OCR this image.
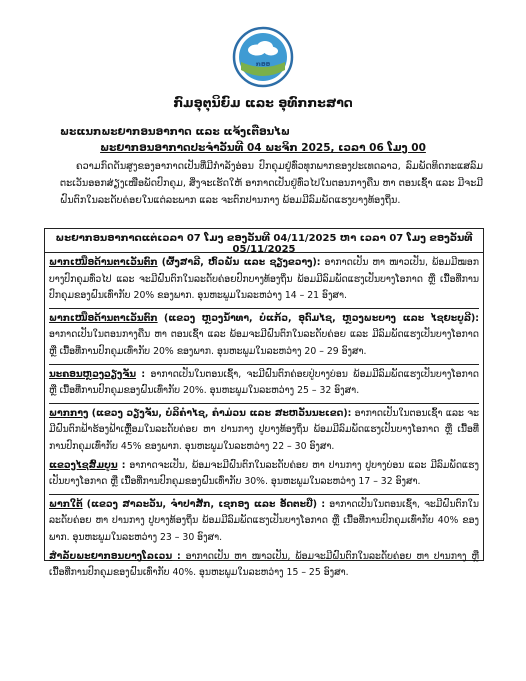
ກອອ
ກົມອຸຕຸນິຍົມ ແລະ ອຸທົກກະສາດ
ພະແນກພະຍາກອນອາກາດ ແລະ ແຈ້ງເຕືອນໄພ
ພະຍາກອນອາກາດປະຈຳວັນທີ 04 ພະຈິກ 2025, ເວລາ 06 ໂມງ 00
ຄວາມກົດດັນສູງຂອງອາກາດເປັນທີ່ມີກຳລັງອ່ອນ ປົກຄຸມຢູ່ທົ່ວທຸກພາກຂອງປະເທດລາວ, ລົມພັດທິດກະແສລົມຕະເວັນອອກສ່ຽງເໜືອພັດປົກຄຸມ, ສິ່ງຈະເຮັດໃຫ້ ອາກາດເປັນຢູ່ທົ່ວໄປໃນຕອນກາງຄືນ ຫາ ຕອນເຊົ້າ ແລະ ມີຈະມີຝົນຕົກໃນລະດັບຄ່ອຍໃນແຕ່ລະພາກ ແລະ ຈະຕົກປານກາງ ພ້ອມມີລົມພັດແຮງບາງທ້ອງຖິ່ນ.
ພະຍາກອນອາກາດແຕ່ເວລາ 07 ໂມງ ຂອງວັນທີ 04/11/2025 ຫາ ເວລາ 07 ໂມງ ຂອງວັນທີ 05/11/2025
ພາກເໜືອດ້ານຕາເວັນຕົກ (ຜົ້ງສາລີ, ຫົວພັນ ແລະ ຊຽງຂວາງ): ອາກາດເປັນ ຫາ ໜາວເປັນ, ພ້ອມມີໝອກບາງປົກຄຸມທົ່ວໄປ ແລະ ຈະມີຝົນຕົກໃນລະດັບຄ່ອຍປົກບາງທ້ອງຖິ່ນ ພ້ອມມີລົມພັດແຮງເປັນບາງໂອກາດ ຫຼື ເນື້ອທີ່ການປົກຄຸມຂອງຝົນເທົ່າກັບ 20% ຂອງພາກ. ອຸນຫະພູມໃນລະຫວ່າງ 14 – 21 ອົງສາ.
ພາກເໜືອດ້ານຕາເວັນຕົກ (ແຂວງ ຫຼວງນ້ຳທາ, ບໍ່ແກ້ວ, ອຸດົມໄຊ, ຫຼວງພະບາງ ແລະ ໄຊຍະບູລີ): ອາກາດເປັນໃນຕອນກາງຄືນ ຫາ ຕອນເຊົ້າ ແລະ ພ້ອມຈະມີຝົນຕົກໃນລະດັບຄ່ອຍ ແລະ ມີລົມພັດແຮງເປັນບາງໂອກາດ ຫຼື ເນື້ອທີ່ການປົກຄຸມເທົ່າກັບ 20% ຂອງພາກ. ອຸນຫະພູມໃນລະຫວ່າງ 20 – 29 ອົງສາ.
ນະຄອນຫຼວງວຽງຈັນ : ອາກາດເປັນໃນຕອນເຊົ້າ, ຈະມີຝົນຕົກຄ່ອຍປູ່ບາງບ່ອນ ພ້ອມມີລົມພັດແຮງເປັນບາງໂອກາດ ຫຼື ເນື້ອທີ່ການປົກຄຸມຂອງຝົນເທົ່າກັບ 20%. ອຸນຫະພູມໃນລະຫວ່າງ 25 – 32 ອົງສາ.
ພາກກາງ (ແຂວງ ວຽງຈັນ, ບໍລິຄຳໄຊ, ຄຳມ່ວນ ແລະ ສະຫວັນນະເຂດ): ອາກາດເປັນໃນຕອນເຊົ້າ ແລະ ຈະມີຝົນຕົກຟ້າຮ້ອງຟ້າເຫຼື້ອມໃນລະດັບຄ່ອຍ ຫາ ປານກາງ ປູບາງທ້ອງຖິ່ນ ພ້ອມມີລົມພັດແຮງເປັນບາງໂອກາດ ຫຼື ເນື້ອທີ່ການປົກຄຸມເທົ່າກັບ 45% ຂອງພາກ. ອຸນຫະພູມໃນລະຫວ່າງ 22 – 30 ອົງສາ.
ແຂວງໄຊສົມບູນ : ອາກາດຈະເປັນ, ພ້ອມຈະມີຝົນຕົກໃນລະດັບຄ່ອຍ ຫາ ປານກາງ ປູບາງບ່ອນ ແລະ ມີລົມພັດແຮງເປັນບາງໂອກາດ ຫຼື ເນື້ອທີ່ການປົກຄຸມຂອງຝົນເທົ່າກັບ 30%. ອຸນຫະພູມໃນລະຫວ່າງ 17 – 32 ອົງສາ.
ພາກໃຕ້ (ແຂວງ ສາລະວັນ, ຈຳປາສັກ, ເຊກອງ ແລະ ອັດຕະປື) : ອາກາດເປັນໃນຕອນເຊົ້າ, ຈະມີຝົນຕົກໃນລະດັບຄ່ອຍ ຫາ ປານກາງ ປູບາງທ້ອງຖິ່ນ ພ້ອມມີລົມພັດແຮງເປັນບາງໂອກາດ ຫຼື ເນື້ອທີ່ການປົກຄຸມເທົ່າກັບ 40% ຂອງພາກ. ອຸນຫະພູມໃນລະຫວ່າງ 23 – 30 ອົງສາ.
ສຳລັບພະຍາກອນບາງໂລເວນ : ອາກາດເປັນ ຫາ ໜາວເປັນ, ພ້ອມຈະມີຝົນຕົກໃນລະດັບຄ່ອຍ ຫາ ປານກາງ ຫຼື ເນື້ອທີ່ການປົກຄຸມຂອງຝົນເທົ່າກັບ 40%. ອຸນຫະພູມໃນລະຫວ່າງ 15 – 25 ອົງສາ.
